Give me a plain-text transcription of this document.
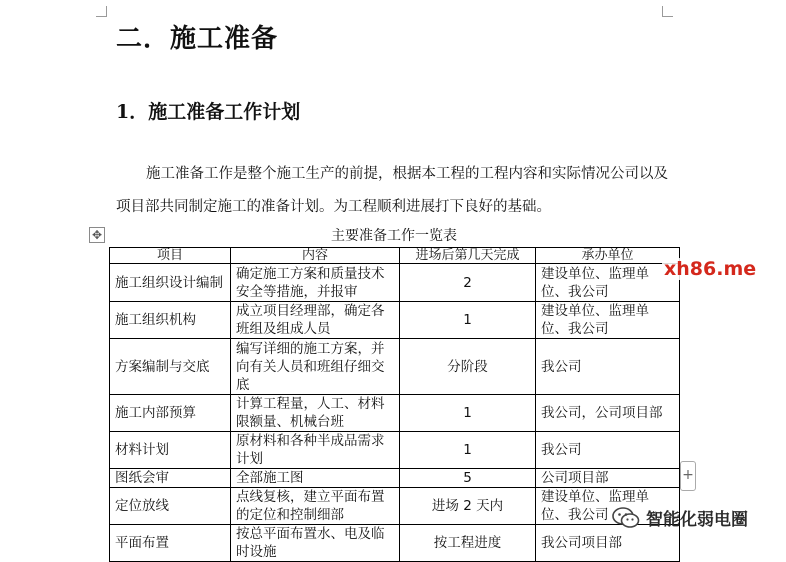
二．施工准备
1．施工准备工作计划

施工准备工作是整个施工生产的前提，根据本工程的工程内容和实际情况公司以及项目部共同制定施工的准备计划。为工程顺利进展打下良好的基础。

✥	主要准备工作一览表
项目	内容	进场后第几天完成	承办单位
施工组织设计编制	确定施工方案和质量技术安全等措施，并报审	2	建设单位、监理单位、我公司
施工组织机构	成立项目经理部，确定各班组及组成人员	1	建设单位、监理单位、我公司
方案编制与交底	编写详细的施工方案，并向有关人员和班组仔细交底	分阶段	我公司
施工内部预算	计算工程量，人工、材料限额量、机械台班	1	我公司，公司项目部
材料计划	原材料和各种半成品需求计划	1	我公司
图纸会审	全部施工图	5	公司项目部
定位放线	点线复核，建立平面布置的定位和控制细部	进场 2 天内	建设单位、监理单位、我公司
平面布置	按总平面布置水、电及临时设施	按工程进度	我公司项目部
+
xh86.me
智能化弱电圈
